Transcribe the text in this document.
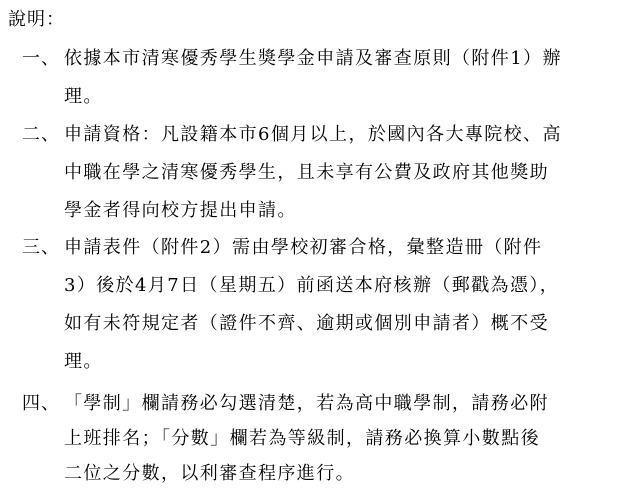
說明：
一、 依據本市清寒優秀學生獎學金申請及審查原則（附件1）辦
理。
二、 申請資格：凡設籍本市6個月以上，於國內各大專院校、高
中職在學之清寒優秀學生，且未享有公費及政府其他獎助
學金者得向校方提出申請。
三、 申請表件（附件2）需由學校初審合格，彙整造冊（附件
3）後於4月7日（星期五）前函送本府核辦（郵戳為憑），
如有未符規定者（證件不齊、逾期或個別申請者）概不受
理。
四、 「學制」欄請務必勾選清楚，若為高中職學制，請務必附
上班排名；「分數」欄若為等級制，請務必換算小數點後
二位之分數，以利審查程序進行。
